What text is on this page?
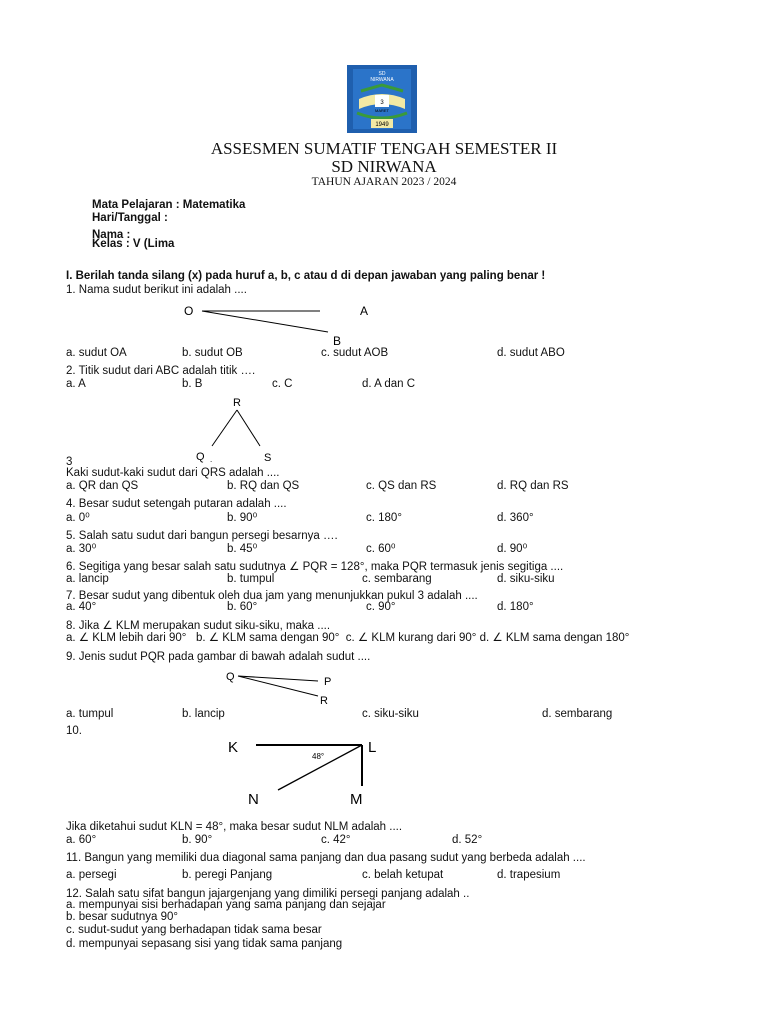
SD
NIRWANA
3
MARET
1949
ASSESMEN SUMATIF TENGAH SEMESTER II
SD NIRWANA
TAHUN AJARAN 2023 / 2024
Mata Pelajaran : Matematika
Hari/Tanggal :
Nama :
Kelas : V (Lima
I. Berilah tanda silang (x) pada huruf a, b, c atau d di depan jawaban yang paling benar !
1. Nama sudut berikut ini adalah ....
O	A
B
a. sudut OA	b. sudut OB	c. sudut AOB	d. sudut ABO
2. Titik sudut dari ABC adalah titik ….
a. A	b. B	c. C	d. A dan C
R
Q	S
.
3
Kaki sudut-kaki sudut dari QRS adalah ....
a. QR dan QS	b. RQ dan QS	c. QS dan RS	d. RQ dan RS
4. Besar sudut setengah putaran adalah ....
a. 0⁰	b. 90⁰	c. 180°	d. 360°
5. Salah satu sudut dari bangun persegi besarnya ….
a. 30⁰	b. 45⁰	c. 60⁰	d. 90⁰
6. Segitiga yang besar salah satu sudutnya ∠ PQR = 128°, maka PQR termasuk jenis segitiga ....
a. lancip	b. tumpul	c. sembarang	d. siku-siku
7. Besar sudut yang dibentuk oleh dua jam yang menunjukkan pukul 3 adalah ....
a. 40°	b. 60°	c. 90°	d. 180°
8. Jika ∠ KLM merupakan sudut siku-siku, maka ....
a. ∠ KLM lebih dari 90°   b. ∠ KLM sama dengan 90°  c. ∠ KLM kurang dari 90° d. ∠ KLM sama dengan 180°
9. Jenis sudut PQR pada gambar di bawah adalah sudut ....
Q	P
R
a. tumpul	b. lancip	c. siku-siku	d. sembarang
10.
K	L
N	M
48°
Jika diketahui sudut KLN = 48°, maka besar sudut NLM adalah ....
a. 60°	b. 90°	c. 42°	d. 52°
11. Bangun yang memiliki dua diagonal sama panjang dan dua pasang sudut yang berbeda adalah ....
a. persegi	b. peregi Panjang	c. belah ketupat	d. trapesium
12. Salah satu sifat bangun jajargenjang yang dimiliki persegi panjang adalah ..
a. mempunyai sisi berhadapan yang sama panjang dan sejajar
b. besar sudutnya 90°
c. sudut-sudut yang berhadapan tidak sama besar
d. mempunyai sepasang sisi yang tidak sama panjang
